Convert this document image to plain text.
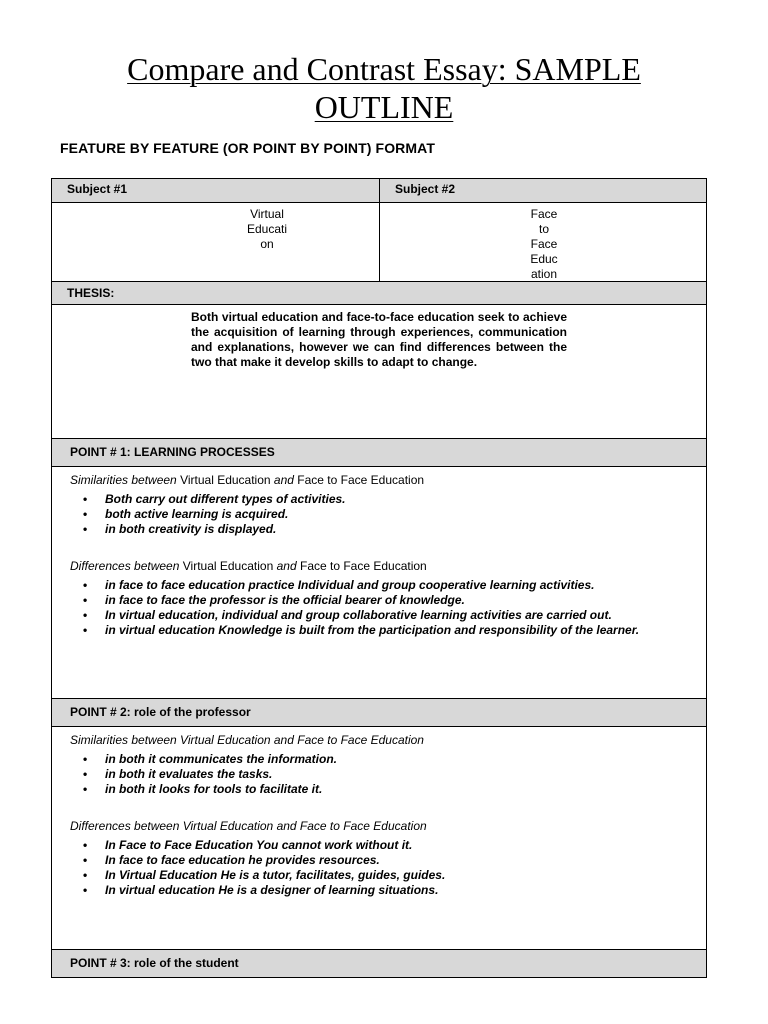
Compare and Contrast Essay: SAMPLE
OUTLINE
FEATURE BY FEATURE (OR POINT BY POINT) FORMAT
Subject #1	Subject #2
Virtual
Educati
on
Face
to
Face
Educ
ation
THESIS:
Both virtual education and face-to-face education seek to achieve the acquisition of learning through experiences, communication and explanations, however we can find differences between the two that make it develop skills to adapt to change.
POINT # 1: LEARNING PROCESSES
Similarities between Virtual Education and Face to Face Education
• Both carry out different types of activities.
• both active learning is acquired.
• in both creativity is displayed.
Differences between Virtual Education and Face to Face Education
• in face to face education practice Individual and group cooperative learning activities.
• in face to face the professor is the official bearer of knowledge.
• In virtual education, individual and group collaborative learning activities are carried out.
• in virtual education Knowledge is built from the participation and responsibility of the learner.
POINT # 2: role of the professor
Similarities between Virtual Education and Face to Face Education
• in both it communicates the information.
• in both it evaluates the tasks.
• in both it looks for tools to facilitate it.
Differences between Virtual Education and Face to Face Education
• In Face to Face Education You cannot work without it.
• In face to face education he provides resources.
• In Virtual Education He is a tutor, facilitates, guides, guides.
• In virtual education He is a designer of learning situations.
POINT # 3: role of the student
